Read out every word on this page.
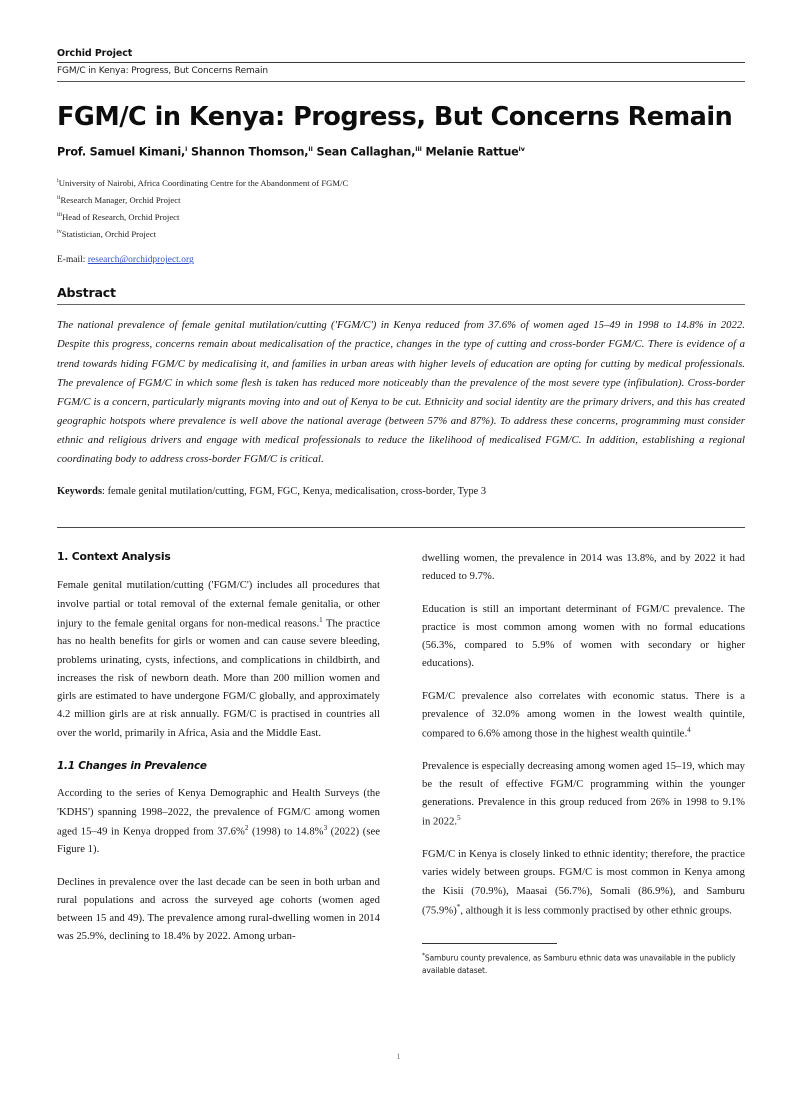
Orchid Project
FGM/C in Kenya: Progress, But Concerns Remain
FGM/C in Kenya: Progress, But Concerns Remain
Prof. Samuel Kimani,$^i$ Shannon Thomson,$^{ii}$ Sean Callaghan,$^{iii}$ Melanie Rattue$^{iv}$
$^i$University of Nairobi, Africa Coordinating Centre for the Abandonment of FGM/C
$^{ii}$Research Manager, Orchid Project
$^{iii}$Head of Research, Orchid Project
$^{iv}$Statistician, Orchid Project
E-mail: research@orchidproject.org
Abstract

The national prevalence of female genital mutilation/cutting ('FGM/C') in Kenya reduced from 37.6% of women aged 15–49 in 1998 to 14.8% in 2022. Despite this progress, concerns remain about medicalisation of the practice, changes in the type of cutting and cross-border FGM/C. There is evidence of a trend towards hiding FGM/C by medicalising it, and families in urban areas with higher levels of education are opting for cutting by medical professionals. The prevalence of FGM/C in which some flesh is taken has reduced more noticeably than the prevalence of the most severe type (infibulation). Cross-border FGM/C is a concern, particularly migrants moving into and out of Kenya to be cut. Ethnicity and social identity are the primary drivers, and this has created geographic hotspots where prevalence is well above the national average (between 57% and 87%). To address these concerns, programming must consider ethnic and religious drivers and engage with medical professionals to reduce the likelihood of medicalised FGM/C. In addition, establishing a regional coordinating body to address cross-border FGM/C is critical.

Keywords: female genital mutilation/cutting, FGM, FGC, Kenya, medicalisation, cross-border, Type 3

1. Context Analysis

Female genital mutilation/cutting ('FGM/C') includes all procedures that involve partial or total removal of the external female genitalia, or other injury to the female genital organs for non-medical reasons.$^1$ The practice has no health benefits for girls or women and can cause severe bleeding, problems urinating, cysts, infections, and complications in childbirth, and increases the risk of newborn death. More than 200 million women and girls are estimated to have undergone FGM/C globally, and approximately 4.2 million girls are at risk annually. FGM/C is practised in countries all over the world, primarily in Africa, Asia and the Middle East.

1.1 Changes in Prevalence

According to the series of Kenya Demographic and Health Surveys (the 'KDHS') spanning 1998–2022, the prevalence of FGM/C among women aged 15–49 in Kenya dropped from 37.6%$^2$ (1998) to 14.8%$^3$ (2022) (see Figure 1).

Declines in prevalence over the last decade can be seen in both urban and rural populations and across the surveyed age cohorts (women aged between 15 and 49). The prevalence among rural-dwelling women in 2014 was 25.9%, declining to 18.4% by 2022. Among urban-

dwelling women, the prevalence in 2014 was 13.8%, and by 2022 it had reduced to 9.7%.

Education is still an important determinant of FGM/C prevalence. The practice is most common among women with no formal educations (56.3%, compared to 5.9% of women with secondary or higher educations).

FGM/C prevalence also correlates with economic status. There is a prevalence of 32.0% among women in the lowest wealth quintile, compared to 6.6% among those in the highest wealth quintile.$^4$

Prevalence is especially decreasing among women aged 15–19, which may be the result of effective FGM/C programming within the younger generations. Prevalence in this group reduced from 26% in 1998 to 9.1% in 2022.$^5$

FGM/C in Kenya is closely linked to ethnic identity; therefore, the practice varies widely between groups. FGM/C is most common in Kenya among the Kisii (70.9%), Maasai (56.7%), Somali (86.9%), and Samburu (75.9%)*, although it is less commonly practised by other ethnic groups.

*Samburu county prevalence, as Samburu ethnic data was unavailable in the publicly available dataset.

1
